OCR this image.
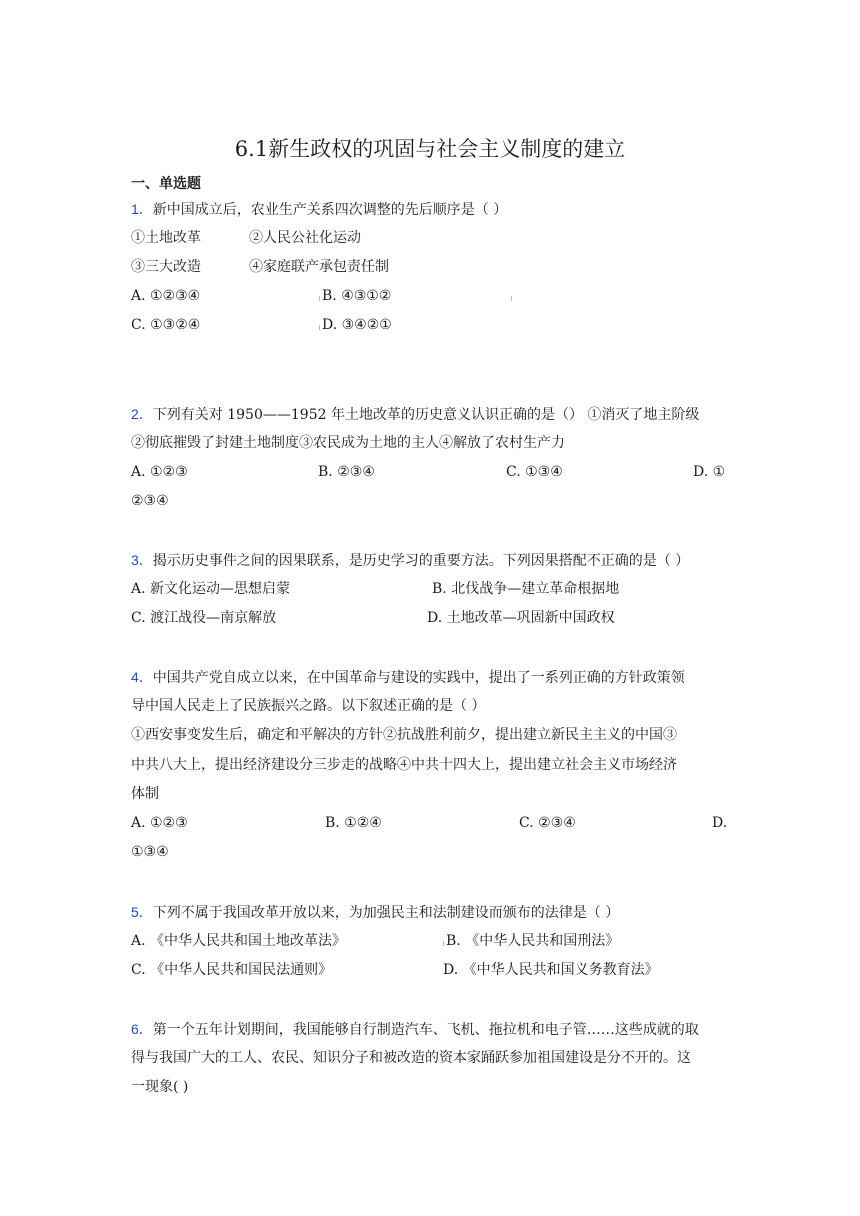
6.1新生政权的巩固与社会主义制度的建立
一、单选题
1．新中国成立后，农业生产关系四次调整的先后顺序是（ ）
①土地改革	②人民公社化运动
③三大改造	④家庭联产承包责任制
A. ①②③④	B. ④③①②
C. ①③②④	D. ③④②①
2．下列有关对 1950——1952 年土地改革的历史意义认识正确的是（） ①消灭了地主阶级
②彻底摧毁了封建土地制度③农民成为土地的主人④解放了农村生产力
A. ①②③	B. ②③④	C. ①③④	D. ①
②③④
3．揭示历史事件之间的因果联系，是历史学习的重要方法。下列因果搭配不正确的是（ ）
A. 新文化运动—思想启蒙	B. 北伐战争—建立革命根据地
C. 渡江战役—南京解放	D. 土地改革—巩固新中国政权
4．中国共产党自成立以来，在中国革命与建设的实践中，提出了一系列正确的方针政策领
导中国人民走上了民族振兴之路。以下叙述正确的是（ ）
①西安事变发生后，确定和平解决的方针②抗战胜利前夕，提出建立新民主主义的中国③
中共八大上，提出经济建设分三步走的战略④中共十四大上，提出建立社会主义市场经济
体制
A. ①②③	B. ①②④	C. ②③④	D.
①③④
5．下列不属于我国改革开放以来，为加强民主和法制建设而颁布的法律是（ ）
A. 《中华人民共和国土地改革法》	B. 《中华人民共和国刑法》
C. 《中华人民共和国民法通则》	D. 《中华人民共和国义务教育法》
6．第一个五年计划期间，我国能够自行制造汽车、飞机、拖拉机和电子管……这些成就的取
得与我国广大的工人、农民、知识分子和被改造的资本家踊跃参加祖国建设是分不开的。这
一现象( )
